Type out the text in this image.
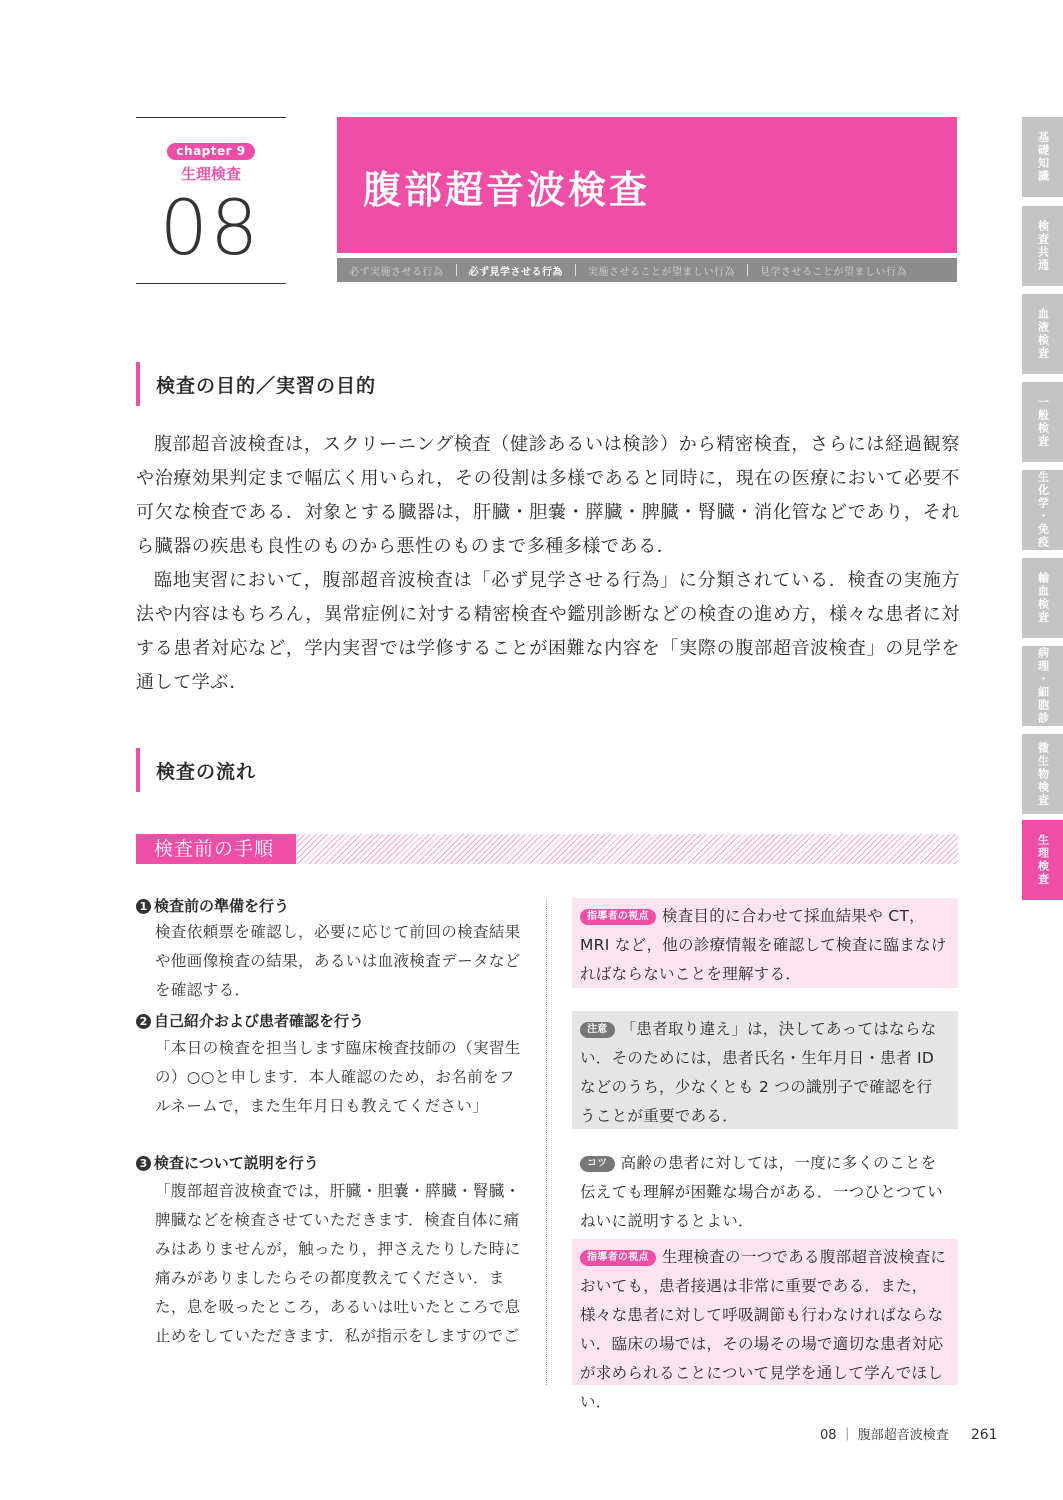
chapter 9
生理検査
08	腹部超音波検査
必ず実施させる行為	必ず見学させる行為	実施させることが望ましい行為	見学させることが望ましい行為
基礎知識
検査共通
血液検査
一般検査
生化学・免疫
輸血検査
病理・細胞診
微生物検査
生理検査
検査の目的／実習の目的

腹部超音波検査は，スクリーニング検査（健診あるいは検診）から精密検査，さらには経過観察や治療効果判定まで幅広く用いられ，その役割は多様であると同時に，現在の医療において必要不可欠な検査である．対象とする臓器は，肝臓・胆嚢・膵臓・脾臓・腎臓・消化管などであり，それら臓器の疾患も良性のものから悪性のものまで多種多様である．

臨地実習において，腹部超音波検査は「必ず見学させる行為」に分類されている．検査の実施方法や内容はもちろん，異常症例に対する精密検査や鑑別診断などの検査の進め方，様々な患者に対する患者対応など，学内実習では学修することが困難な内容を「実際の腹部超音波検査」の見学を通して学ぶ．

検査の流れ
検査前の手順
1 検査前の準備を行う
検査依頼票を確認し，必要に応じて前回の検査結果や他画像検査の結果，あるいは血液検査データなどを確認する．
2 自己紹介および患者確認を行う
「本日の検査を担当します臨床検査技師の（実習生の）○○と申します．本人確認のため，お名前をフルネームで，また生年月日も教えてください」
3 検査について説明を行う
「腹部超音波検査では，肝臓・胆嚢・膵臓・腎臓・脾臓などを検査させていただきます．検査自体に痛みはありませんが，触ったり，押さえたりした時に痛みがありましたらその都度教えてください．また，息を吸ったところ，あるいは吐いたところで息止めをしていただきます．私が指示をしますのでご
指導者の視点 検査目的に合わせて採血結果や CT，MRI など，他の診療情報を確認して検査に臨まなければならないことを理解する．
注意 「患者取り違え」は，決してあってはならない．そのためには，患者氏名・生年月日・患者 ID などのうち，少なくとも 2 つの識別子で確認を行うことが重要である．
コツ 高齢の患者に対しては，一度に多くのことを伝えても理解が困難な場合がある．一つひとつていねいに説明するとよい．
指導者の視点 生理検査の一つである腹部超音波検査においても，患者接遇は非常に重要である．また，様々な患者に対して呼吸調節も行わなければならない．臨床の場では，その場その場で適切な患者対応が求められることについて見学を通して学んでほしい．
08 ｜ 腹部超音波検査 261
